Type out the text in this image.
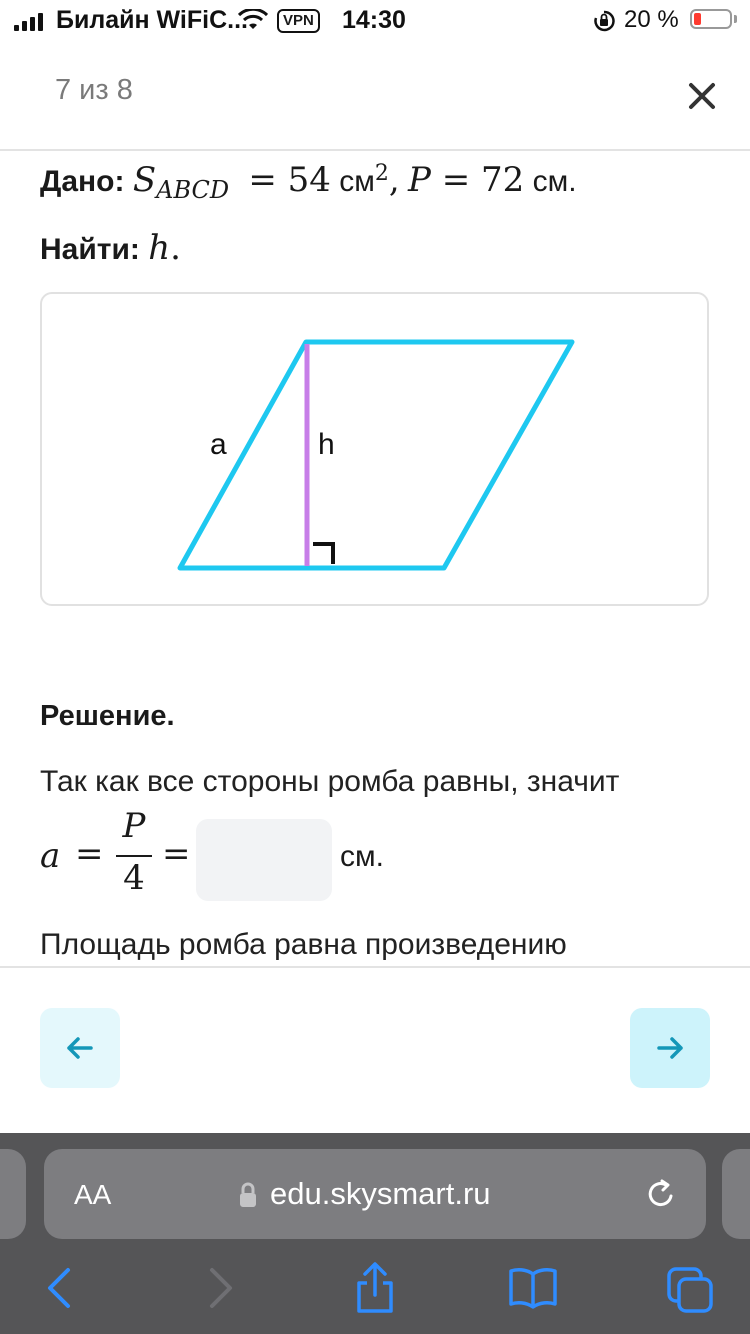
Билайн WiFiC...	VPN 14:30	20 %
7 из 8
Дано: $S_{ABCD} = 54$ $см^2$, P = 72 см.
Найти: h.
a	h
Решение.
Так как все стороны ромба равны, значит
a =
P
4
=	см.
Площадь ромба равна произведению
AA	edu.skysmart.ru
